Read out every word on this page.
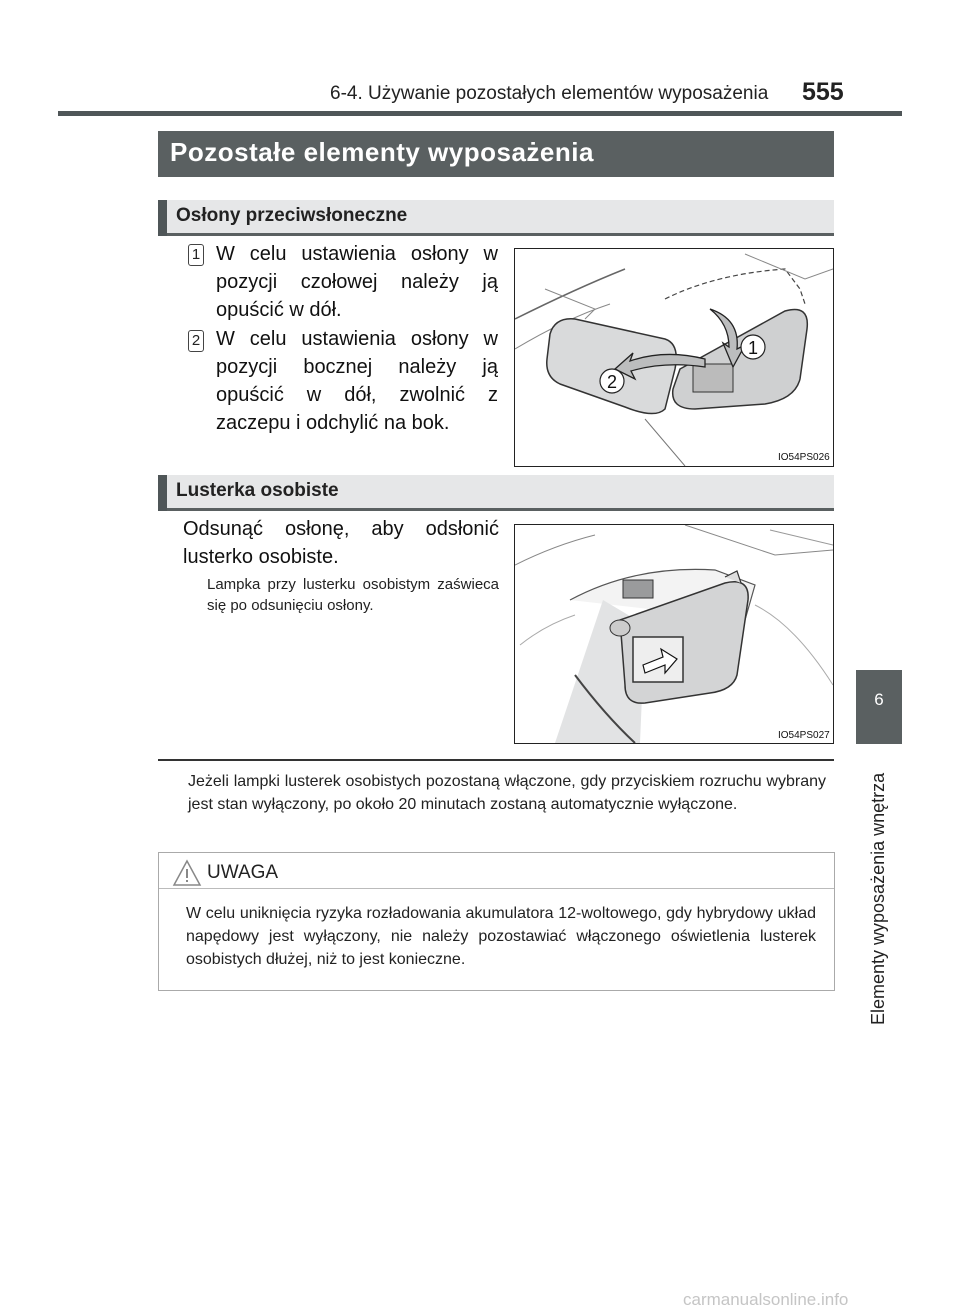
6-4. Używanie pozostałych elementów wyposażenia 555
6
Elementy wyposażenia wnętrza
Pozostałe elementy wyposażenia
Osłony przeciwsłoneczne
1 W celu ustawienia osłony w pozycji czołowej należy ją opuścić w dół.
2 W celu ustawienia osłony w pozycji bocznej należy ją opuścić w dół, zwolnić z zaczepu i odchylić na bok.
1
2
IO54PS026
Lusterka osobiste
Odsunąć osłonę, aby odsłonić lusterko osobiste.
Lampka przy lusterku osobistym zaświeca się po odsunięciu osłony.
IO54PS027
Jeżeli lampki lusterek osobistych pozostaną włączone, gdy przyciskiem rozruchu wybrany jest stan wyłączony, po około 20 minutach zostaną automatycznie wyłączone.
UWAGA
W celu uniknięcia ryzyka rozładowania akumulatora 12-woltowego, gdy hybrydowy układ napędowy jest wyłączony, nie należy pozostawiać włączonego oświetlenia lusterek osobistych dłużej, niż to jest konieczne.
carmanualsonline.info
